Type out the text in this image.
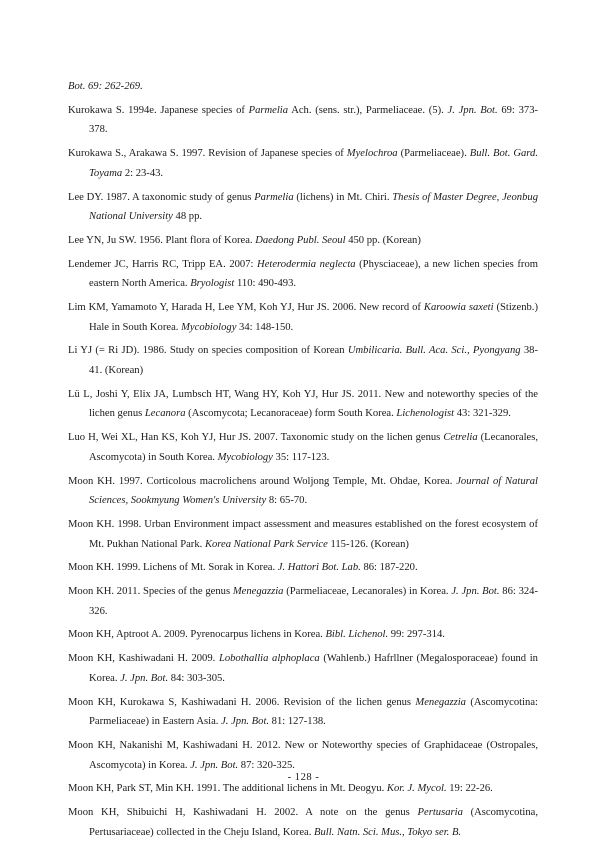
Bot. 69: 262-269.
Kurokawa S. 1994e. Japanese species of Parmelia Ach. (sens. str.), Parmeliaceae. (5). J. Jpn. Bot. 69: 373-378.
Kurokawa S., Arakawa S. 1997. Revision of Japanese species of Myelochroa (Parmeliaceae). Bull. Bot. Gard. Toyama 2: 23-43.
Lee DY. 1987. A taxonomic study of genus Parmelia (lichens) in Mt. Chiri. Thesis of Master Degree, Jeonbug National University 48 pp.
Lee YN, Ju SW. 1956. Plant flora of Korea. Daedong Publ. Seoul 450 pp. (Korean)
Lendemer JC, Harris RC, Tripp EA. 2007: Heterodermia neglecta (Physciaceae), a new lichen species from eastern North America. Bryologist 110: 490-493.
Lim KM, Yamamoto Y, Harada H, Lee YM, Koh YJ, Hur JS. 2006. New record of Karoowia saxeti (Stizenb.) Hale in South Korea. Mycobiology 34: 148-150.
Li YJ (= Ri JD). 1986. Study on species composition of Korean Umbilicaria. Bull. Aca. Sci., Pyongyang 38-41. (Korean)
Lü L, Joshi Y, Elix JA, Lumbsch HT, Wang HY, Koh YJ, Hur JS. 2011. New and noteworthy species of the lichen genus Lecanora (Ascomycota; Lecanoraceae) form South Korea. Lichenologist 43: 321-329.
Luo H, Wei XL, Han KS, Koh YJ, Hur JS. 2007. Taxonomic study on the lichen genus Cetrelia (Lecanorales, Ascomycota) in South Korea. Mycobiology 35: 117-123.
Moon KH. 1997. Corticolous macrolichens around Woljong Temple, Mt. Ohdae, Korea. Journal of Natural Sciences, Sookmyung Women's University 8: 65-70.
Moon KH. 1998. Urban Environment impact assessment and measures established on the forest ecosystem of Mt. Pukhan National Park. Korea National Park Service 115-126. (Korean)
Moon KH. 1999. Lichens of Mt. Sorak in Korea. J. Hattori Bot. Lab. 86: 187-220.
Moon KH. 2011. Species of the genus Menegazzia (Parmeliaceae, Lecanorales) in Korea. J. Jpn. Bot. 86: 324-326.
Moon KH, Aptroot A. 2009. Pyrenocarpus lichens in Korea. Bibl. Lichenol. 99: 297-314.
Moon KH, Kashiwadani H. 2009. Lobothallia alphoplaca (Wahlenb.) Hafrllner (Megalosporaceae) found in Korea. J. Jpn. Bot. 84: 303-305.
Moon KH, Kurokawa S, Kashiwadani H. 2006. Revision of the lichen genus Menegazzia (Ascomycotina: Parmeliaceae) in Eastern Asia. J. Jpn. Bot. 81: 127-138.
Moon KH, Nakanishi M, Kashiwadani H. 2012. New or Noteworthy species of Graphidaceae (Ostropales, Ascomycota) in Korea. J. Jpn. Bot. 87: 320-325.
Moon KH, Park ST, Min KH. 1991. The additional lichens in Mt. Deogyu. Kor. J. Mycol. 19: 22-26.
Moon KH, Shibuichi H, Kashiwadani H. 2002. A note on the genus Pertusaria (Ascomycotina, Pertusariaceae) collected in the Cheju Island, Korea. Bull. Natn. Sci. Mus., Tokyo ser. B.
- 128 -
